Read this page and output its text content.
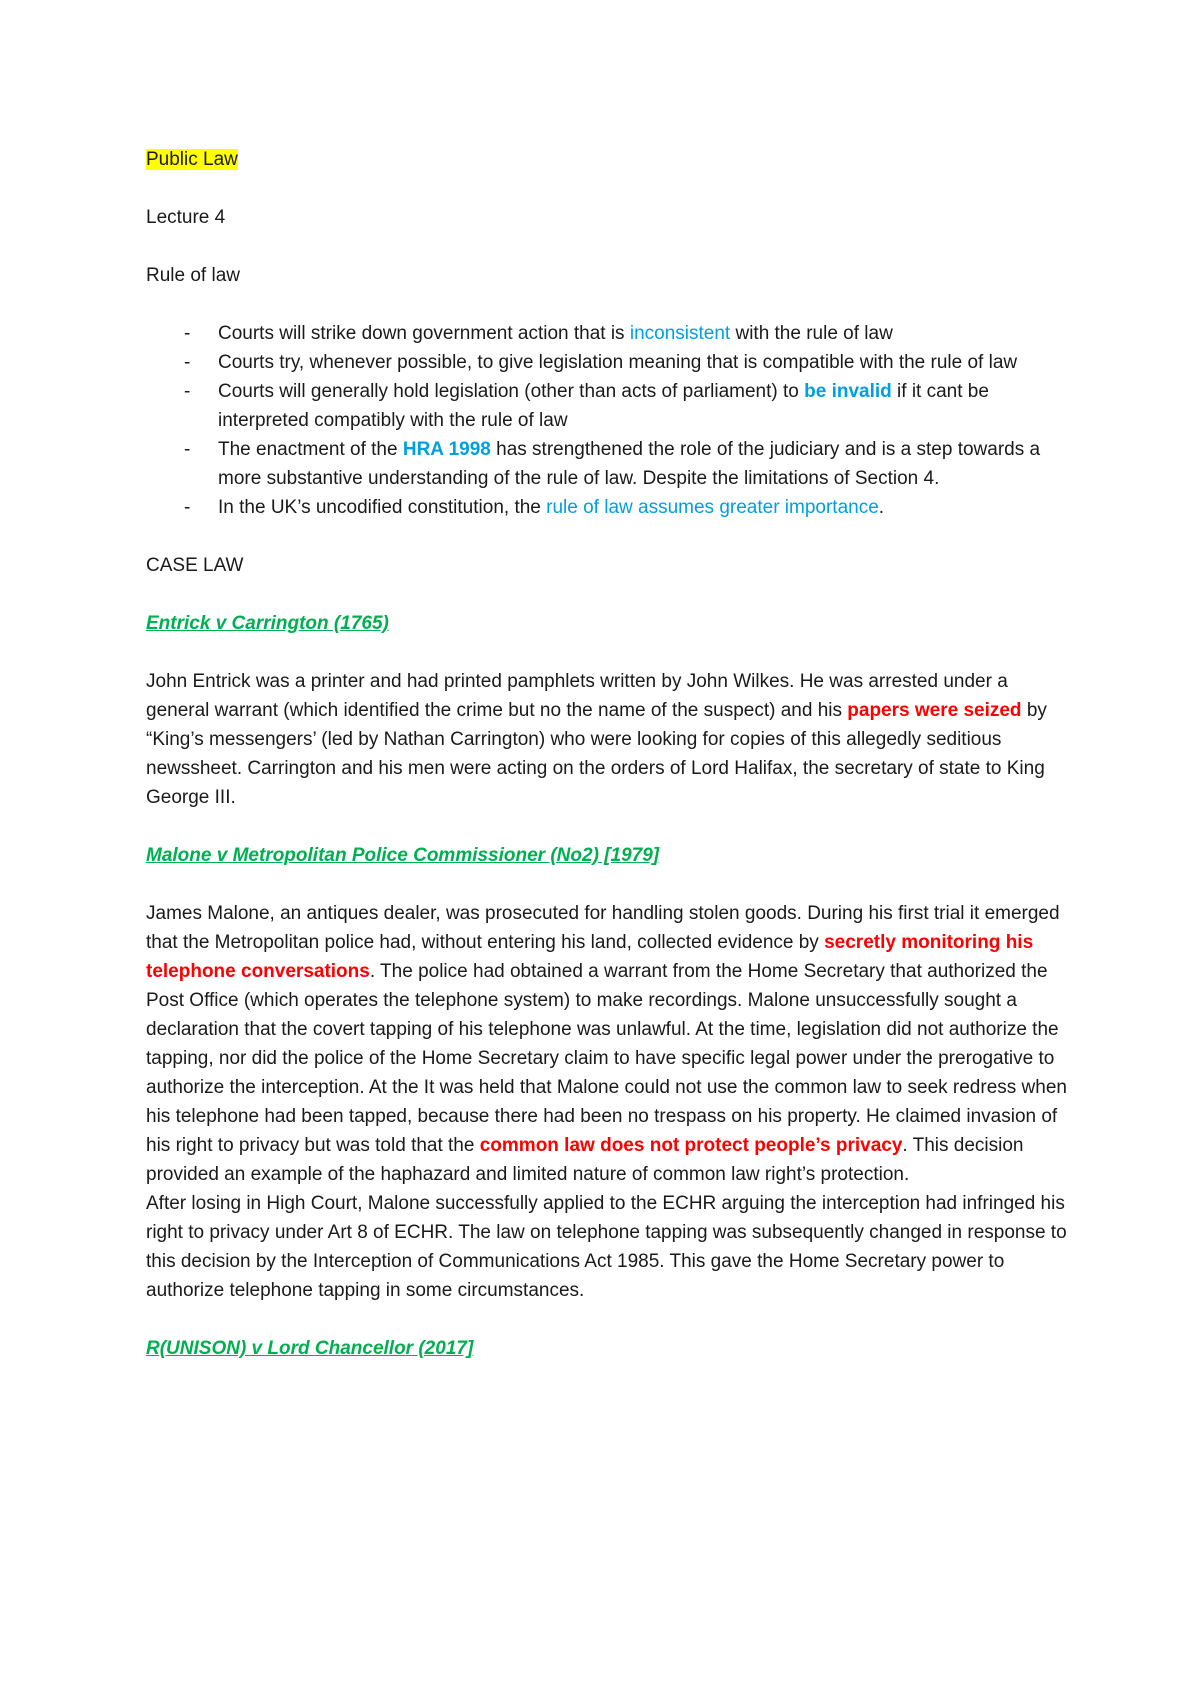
Public Law

Lecture 4

Rule of law

- Courts will strike down government action that is inconsistent with the rule of law
- Courts try, whenever possible, to give legislation meaning that is compatible with the rule of law
- Courts will generally hold legislation (other than acts of parliament) to be invalid if it cant be interpreted compatibly with the rule of law
- The enactment of the HRA 1998 has strengthened the role of the judiciary and is a step towards a more substantive understanding of the rule of law. Despite the limitations of Section 4.
- In the UK’s uncodified constitution, the rule of law assumes greater importance.

CASE LAW

Entrick v Carrington (1765)

John Entrick was a printer and had printed pamphlets written by John Wilkes. He was arrested under a general warrant (which identified the crime but no the name of the suspect) and his papers were seized by “King’s messengers’ (led by Nathan Carrington) who were looking for copies of this allegedly seditious newssheet. Carrington and his men were acting on the orders of Lord Halifax, the secretary of state to King George III.

Malone v Metropolitan Police Commissioner (No2) [1979]

James Malone, an antiques dealer, was prosecuted for handling stolen goods. During his first trial it emerged that the Metropolitan police had, without entering his land, collected evidence by secretly monitoring his telephone conversations. The police had obtained a warrant from the Home Secretary that authorized the Post Office (which operates the telephone system) to make recordings. Malone unsuccessfully sought a declaration that the covert tapping of his telephone was unlawful. At the time, legislation did not authorize the tapping, nor did the police of the Home Secretary claim to have specific legal power under the prerogative to authorize the interception. At the It was held that Malone could not use the common law to seek redress when his telephone had been tapped, because there had been no trespass on his property. He claimed invasion of his right to privacy but was told that the common law does not protect people’s privacy. This decision provided an example of the haphazard and limited nature of common law right’s protection.

After losing in High Court, Malone successfully applied to the ECHR arguing the interception had infringed his right to privacy under Art 8 of ECHR. The law on telephone tapping was subsequently changed in response to this decision by the Interception of Communications Act 1985. This gave the Home Secretary power to authorize telephone tapping in some circumstances.

R(UNISON) v Lord Chancellor (2017]
